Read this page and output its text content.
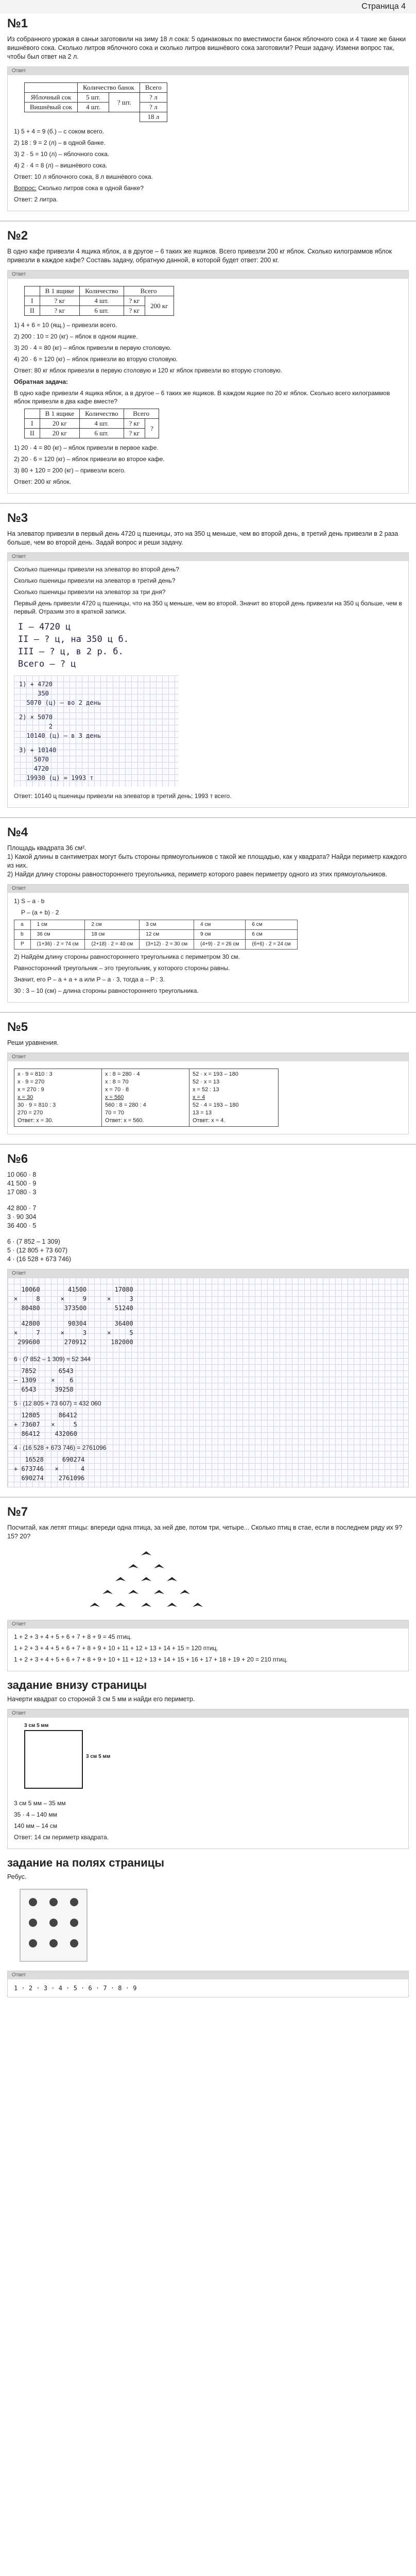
Страница 4
№1
Из собранного урожая в саньи заготовили на зиму 18 л сока: 5 одинаковых по вместимости банок яблочного сока и 4 такие же банки вишнёвого сока. Сколько литров яблочного сока и сколько литров вишнёвого сока заготовили? Реши задачу. Измени вопрос так, чтобы был ответ на 2 л.
Ответ
	Количество банок		Всего
Яблочный сок	5 шт.	? шт.	? л
Вишнёвый сок	4 шт.		? л
			18 л

1) 5 + 4 = 9 (б.) – с соком всего.

2) 18 : 9 = 2 (л) – в одной банке.

3) 2 · 5 = 10 (л) – яблочного сока.

4) 2 · 4 = 8 (л) – вишнёвого сока.

Ответ: 10 л яблочного сока, 8 л вишнёвого сока.

Вопрос: Сколько литров сока в одной банке?

Ответ: 2 литра.

№2
В одно кафе привезли 4 ящика яблок, а в другое – 6 таких же ящиков. Всего привезли 200 кг яблок. Сколько килограммов яблок привезли в каждое кафе? Составь задачу, обратную данной, в которой будет ответ: 200 кг.
Ответ
	В 1 ящике	Количество	Всего	
I	? кг	4 шт.	? кг	200 кг
II	? кг	6 шт.	? кг	

1) 4 + 6 = 10 (ящ.) – привезли всего.

2) 200 : 10 = 20 (кг) – яблок в одном ящике.

3) 20 · 4 = 80 (кг) – яблок привезли в первую столовую.

4) 20 · 6 = 120 (кг) – яблок привезли во вторую столовую.

Ответ: 80 кг яблок привезли в первую столовую и 120 кг яблок привезли во вторую столовую.

Обратная задача:

В одно кафе привезли 4 ящика яблок, а в другое – 6 таких же ящиков. В каждом ящике по 20 кг яблок. Сколько всего килограммов яблок привезли в два кафе вместе?

	В 1 ящике	Количество	Всего	
I	20 кг	4 шт.	? кг	?
II	20 кг	6 шт.	? кг	

1) 20 · 4 = 80 (кг) – яблок привезли в первое кафе.

2) 20 · 6 = 120 (кг) – яблок привезли во второе кафе.

3) 80 + 120 = 200 (кг) – привезли всего.

Ответ: 200 кг яблок.

№3
На элеватор привезли в первый день 4720 ц пшеницы, это на 350 ц меньше, чем во второй день, в третий день привезли в 2 раза больше, чем во второй день. Задай вопрос и реши задачу.
Ответ

Сколько пшеницы привезли на элеватор во второй день?

Сколько пшеницы привезли на элеватор в третий день?

Сколько пшеницы привезли на элеватор за три дня?

Первый день привезли 4720 ц пшеницы, что на 350 ц меньше, чем во второй. Значит во второй день привезли на 350 ц больше, чем в первый. Отразим это в краткой записи.

I – 4720 ц
II – ? ц, на 350 ц б.
III – ? ц, в 2 р. б.
Всего – ? ц
1) + 4720
350
5070 (ц) – во 2 день
2) × 5070
2
10140 (ц) – в 3 день
3) + 10140
5070
4720
19930 (ц) = 1993 т

Ответ: 10140 ц пшеницы привезли на элеватор в третий день; 1993 т всего.

№4
Площадь квадрата 36 см².
1) Какой длины в сантиметрах могут быть стороны прямоугольников с такой же площадью, как у квадрата? Найди периметр каждого из них.
2) Найди длину стороны равностороннего треугольника, периметр которого равен периметру одного из этих прямоугольников.
Ответ

1) S – a · b

P – (a + b) · 2

a	1 см	2 см	3 см	4 см	6 см
b	36 см	18 см	12 см	9 см	6 см
P	(1+36) · 2 = 74 см	(2+18) · 2 = 40 см	(3+12) · 2 = 30 см	(4+9) · 2 = 26 см	(6+6) · 2 = 24 см

2) Найдём длину стороны равностороннего треугольника с периметром 30 см.

Равносторонний треугольник – это треугольник, у которого стороны равны.

Значит, его P – a + a + a или P – a · 3, тогда a – P : 3.

30 : 3 – 10 (см) – длина стороны равностороннего треугольника.

№5
Реши уравнения.
Ответ
x · 9 = 810 : 3
x · 9 = 270
x = 270 : 9
x = 30
30 · 9 = 810 : 3
270 = 270
Ответ: x = 30.
x : 8 = 280 · 4
x : 8 = 70
x = 70 · 8
x = 560
560 : 8 = 280 : 4
70 = 70
Ответ: x = 560.
52 · x = 193 – 180
52 · x = 13
x = 52 : 13
x = 4
52 · 4 = 193 – 180
13 = 13
Ответ: x = 4.
№6
10 060 · 8
41 500 · 9
17 080 · 3
42 800 · 7
3 · 90 304
36 400 · 5
6 · (7 852 – 1 309)
5 · (12 805 + 73 607)
4 · (16 528 + 673 746)
Ответ
10060
×     8
80480
41500
×     9
373500
17080
×     3
51240
42800
×     7
299600
90304
×     3
270912
36400
×     5
182000

6 · (7 852 – 1 309) = 52 344

7852      6543
– 1309    ×    6
6543     39258

5 · (12 805 + 73 607) = 432 060

12805     86412
+ 73607   ×     5
86412    432060

4 · (16 528 + 673 746) = 2761096

16528     690274
+ 673746   ×      4
690274    2761096
№7
Посчитай, как летят птицы: впереди одна птица, за ней две, потом три, четыре... Сколько птиц в стае, если в последнем ряду их 9? 15? 20?
Ответ

1 + 2 + 3 + 4 + 5 + 6 + 7 + 8 + 9 = 45 птиц.

1 + 2 + 3 + 4 + 5 + 6 + 7 + 8 + 9 + 10 + 11 + 12 + 13 + 14 + 15 = 120 птиц.

1 + 2 + 3 + 4 + 5 + 6 + 7 + 8 + 9 + 10 + 11 + 12 + 13 + 14 + 15 + 16 + 17 + 18 + 19 + 20 = 210 птиц.

задание внизу страницы
Начерти квадрат со стороной 3 см 5 мм и найди его периметр.
Ответ
3 см 5 мм
3 см 5 мм

3 см 5 мм – 35 мм

35 · 4 – 140 мм

140 мм – 14 см

Ответ: 14 см периметр квадрата.

задание на полях страницы
Ребус.
Ответ
1 · 2 · 3 · 4 · 5 · 6 · 7 · 8 · 9
